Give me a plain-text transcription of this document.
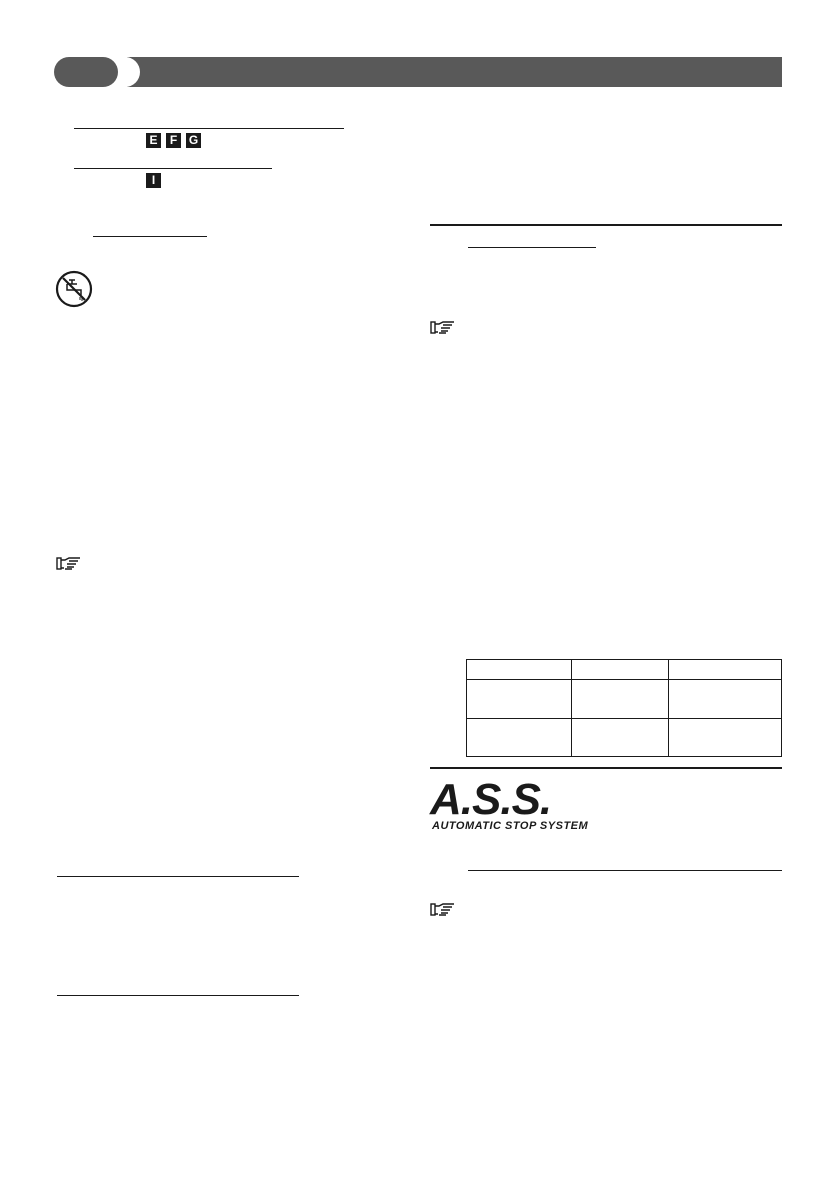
E	F G
I

A.S.S.
AUTOMATIC STOP SYSTEM
